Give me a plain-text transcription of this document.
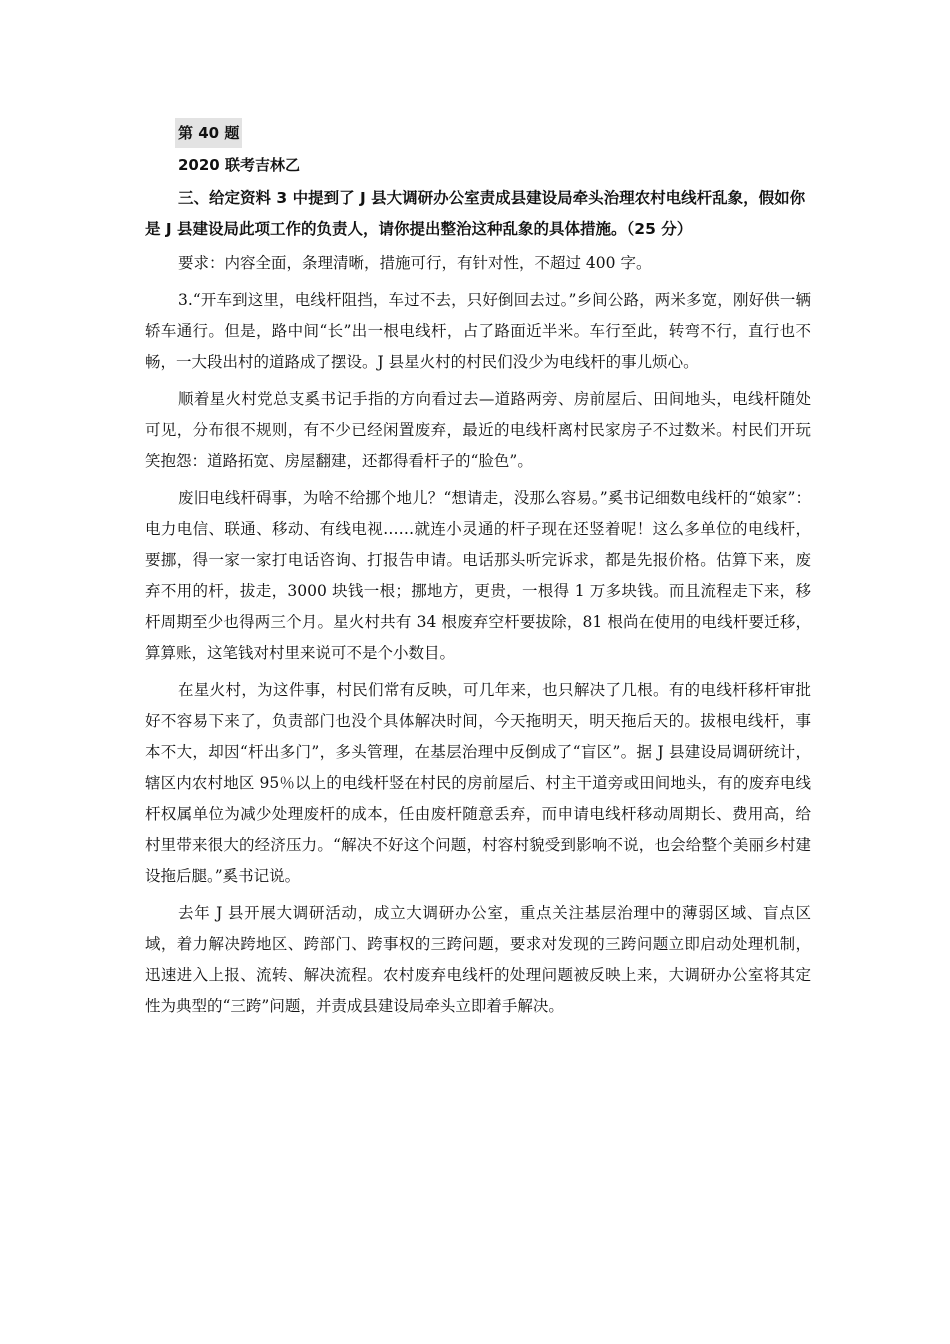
第 40 题
2020 联考吉林乙

三、给定资料 3 中提到了 J 县大调研办公室责成县建设局牵头治理农村电线杆乱象，假如你是 J 县建设局此项工作的负责人，请你提出整治这种乱象的具体措施。（25 分）

要求：内容全面，条理清晰，措施可行，有针对性，不超过 400 字。

3.“开车到这里，电线杆阻挡，车过不去，只好倒回去过。”乡间公路，两米多宽，刚好供一辆轿车通行。但是，路中间“长”出一根电线杆，占了路面近半米。车行至此，转弯不行，直行也不畅，一大段出村的道路成了摆设。J 县星火村的村民们没少为电线杆的事儿烦心。

顺着星火村党总支奚书记手指的方向看过去—道路两旁、房前屋后、田间地头，电线杆随处可见，分布很不规则，有不少已经闲置废弃，最近的电线杆离村民家房子不过数米。村民们开玩笑抱怨：道路拓宽、房屋翻建，还都得看杆子的“脸色”。

废旧电线杆碍事，为啥不给挪个地儿？“想请走，没那么容易。”奚书记细数电线杆的“娘家”：电力电信、联通、移动、有线电视……就连小灵通的杆子现在还竖着呢！这么多单位的电线杆，要挪，得一家一家打电话咨询、打报告申请。电话那头听完诉求，都是先报价格。估算下来，废弃不用的杆，拔走，3000 块钱一根；挪地方，更贵，一根得 1 万多块钱。而且流程走下来，移杆周期至少也得两三个月。星火村共有 34 根废弃空杆要拔除，81 根尚在使用的电线杆要迁移，算算账，这笔钱对村里来说可不是个小数目。

在星火村，为这件事，村民们常有反映，可几年来，也只解决了几根。有的电线杆移杆审批好不容易下来了，负责部门也没个具体解决时间，今天拖明天，明天拖后天的。拔根电线杆，事本不大，却因“杆出多门”，多头管理，在基层治理中反倒成了“盲区”。据 J 县建设局调研统计，辖区内农村地区 95％以上的电线杆竖在村民的房前屋后、村主干道旁或田间地头，有的废弃电线杆权属单位为减少处理废杆的成本，任由废杆随意丢弃，而申请电线杆移动周期长、费用高，给村里带来很大的经济压力。“解决不好这个问题，村容村貌受到影响不说，也会给整个美丽乡村建设拖后腿。”奚书记说。

去年 J 县开展大调研活动，成立大调研办公室，重点关注基层治理中的薄弱区域、盲点区域，着力解决跨地区、跨部门、跨事权的三跨问题，要求对发现的三跨问题立即启动处理机制，迅速进入上报、流转、解决流程。农村废弃电线杆的处理问题被反映上来，大调研办公室将其定性为典型的“三跨”问题，并责成县建设局牵头立即着手解决。
